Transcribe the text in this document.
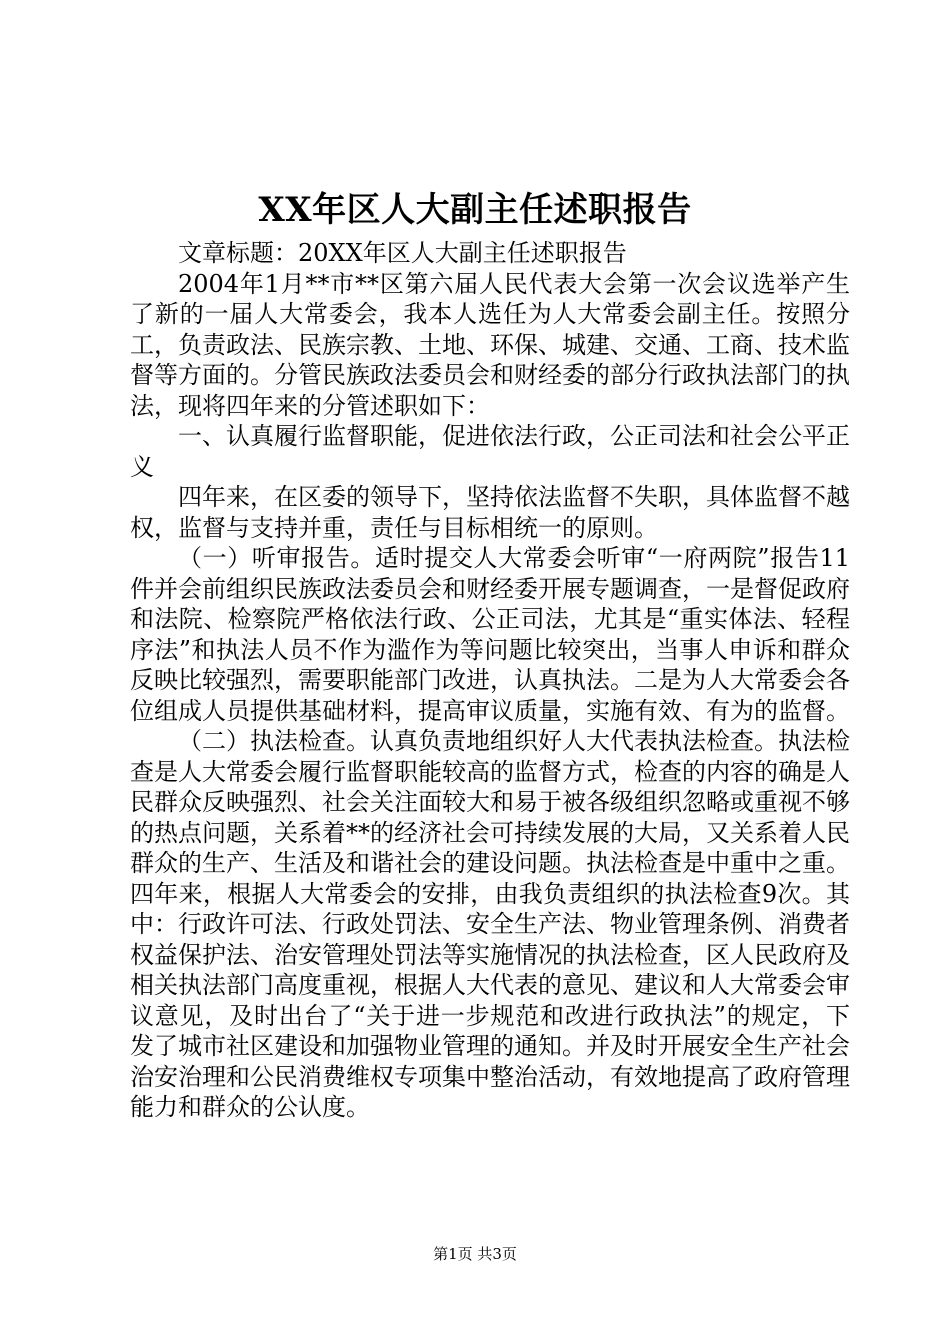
XX年区人大副主任述职报告

文章标题：20XX年区人大副主任述职报告

2004年1月**市**区第六届人民代表大会第一次会议选举产生了新的一届人大常委会，我本人选任为人大常委会副主任。按照分工，负责政法、民族宗教、土地、环保、城建、交通、工商、技术监督等方面的。分管民族政法委员会和财经委的部分行政执法部门的执法，现将四年来的分管述职如下：

一、认真履行监督职能，促进依法行政，公正司法和社会公平正义

四年来，在区委的领导下，坚持依法监督不失职，具体监督不越权，监督与支持并重，责任与目标相统一的原则。

（一）听审报告。适时提交人大常委会听审“一府两院”报告11件并会前组织民族政法委员会和财经委开展专题调查，一是督促政府和法院、检察院严格依法行政、公正司法，尤其是“重实体法、轻程序法”和执法人员不作为滥作为等问题比较突出，当事人申诉和群众反映比较强烈，需要职能部门改进，认真执法。二是为人大常委会各位组成人员提供基础材料，提高审议质量，实施有效、有为的监督。

（二）执法检查。认真负责地组织好人大代表执法检查。执法检查是人大常委会履行监督职能较高的监督方式，检查的内容的确是人民群众反映强烈、社会关注面较大和易于被各级组织忽略或重视不够的热点问题，关系着**的经济社会可持续发展的大局，又关系着人民群众的生产、生活及和谐社会的建设问题。执法检查是中重中之重。四年来，根据人大常委会的安排，由我负责组织的执法检查9次。其中：行政许可法、行政处罚法、安全生产法、物业管理条例、消费者权益保护法、治安管理处罚法等实施情况的执法检查，区人民政府及相关执法部门高度重视，根据人大代表的意见、建议和人大常委会审议意见，及时出台了“关于进一步规范和改进行政执法”的规定，下发了城市社区建设和加强物业管理的通知。并及时开展安全生产社会治安治理和公民消费维权专项集中整治活动，有效地提高了政府管理能力和群众的公认度。

第1页 共3页
